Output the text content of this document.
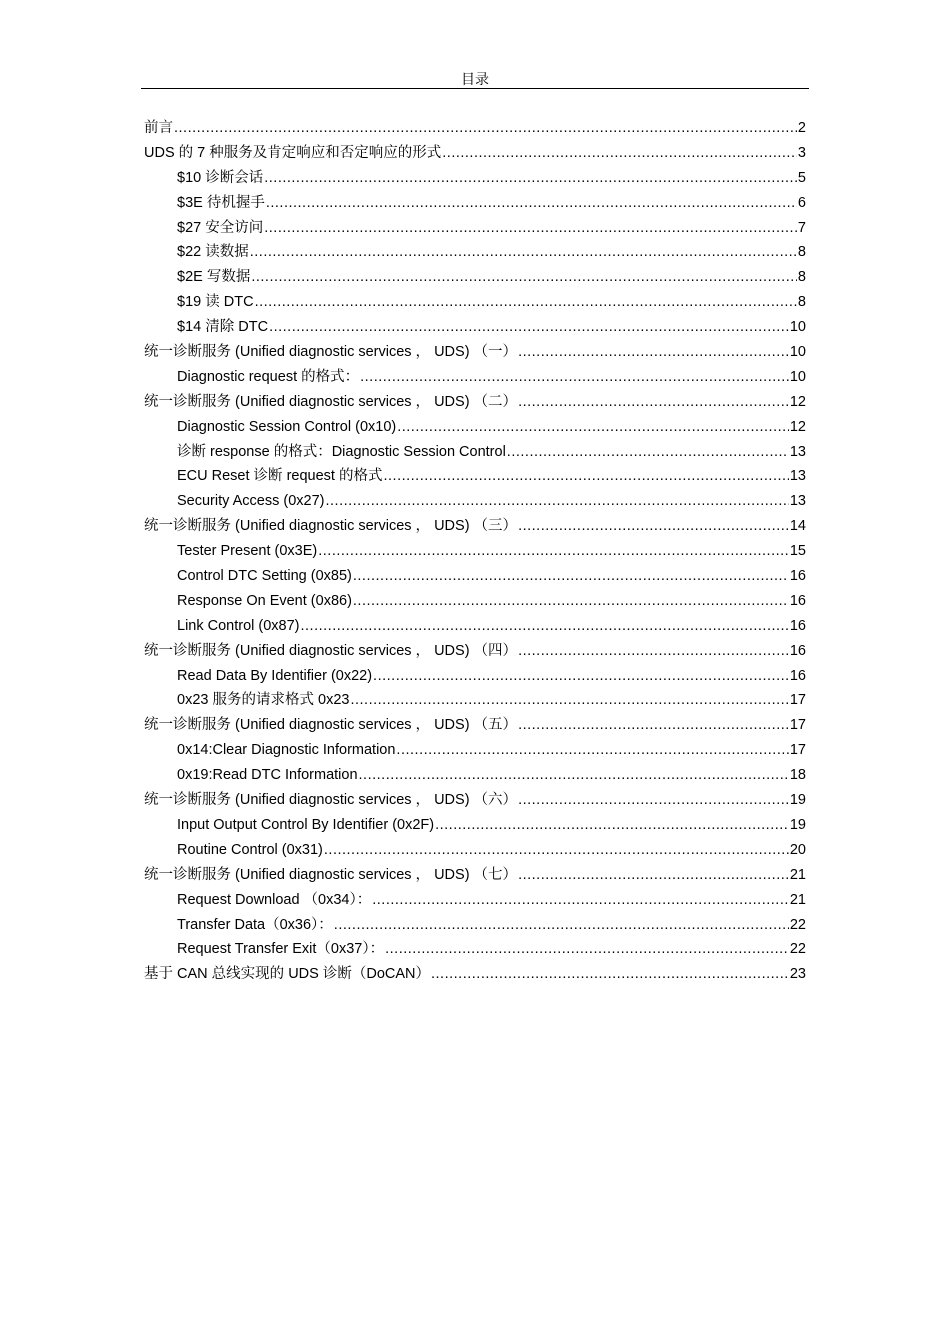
目录
前言 .....	2
UDS 的 7 种服务及肯定响应和否定响应的形式 .....	3
$10 诊断会话 .....	5
$3E 待机握手 .....	6
$27 安全访问 .....	7
$22 读数据 .....	8
$2E 写数据 .....	8
$19 读 DTC .....	8
$14 清除 DTC .....	10
统一诊断服务 (Unified diagnostic services ， UDS) （一） .....	10
Diagnostic request 的格式： .....	10
统一诊断服务 (Unified diagnostic services ， UDS) （二） .....	12
Diagnostic Session Control (0x10) .....	12
诊断 response 的格式：Diagnostic Session Control .....	13
ECU Reset 诊断 request 的格式 .....	13
Security Access (0x27) .....	13
统一诊断服务 (Unified diagnostic services ， UDS) （三） .....	14
Tester Present (0x3E) .....	15
Control DTC Setting (0x85) .....	16
Response On Event (0x86) .....	16
Link Control (0x87) .....	16
统一诊断服务 (Unified diagnostic services ， UDS) （四） .....	16
Read Data By Identifier (0x22) .....	16
0x23 服务的请求格式 0x23 .....	17
统一诊断服务 (Unified diagnostic services ， UDS) （五） .....	17
0x14:Clear Diagnostic Information .....	17
0x19:Read DTC Information .....	18
统一诊断服务 (Unified diagnostic services ， UDS) （六） .....	19
Input Output Control By Identifier (0x2F) .....	19
Routine Control (0x31) .....	20
统一诊断服务 (Unified diagnostic services ， UDS) （七） .....	21
Request Download （0x34）： .....	21
Transfer Data（0x36）： .....	22
Request Transfer Exit（0x37）： .....	22
基于 CAN 总线实现的 UDS 诊断（DoCAN） .....	23
